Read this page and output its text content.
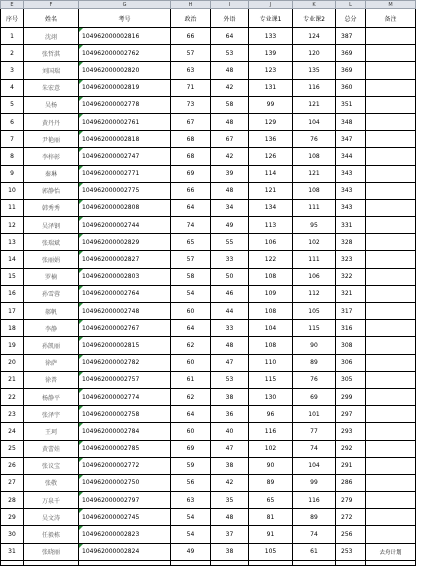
E	F	G	H	I	J	K	L	M
序号	姓名	考号	政治	外语	专业课1	专业课2	总分	备注
1	沈翊	104962000002816	66	64	133	124	387	
2	张哲淇	104962000002762	57	53	139	120	369	
3	刘国瑞	104962000002820	63	48	123	135	369	
4	朱宏意	104962000002819	71	42	131	116	360	
5	吴杨	104962000002778	73	58	99	121	351	
6	黄丹丹	104962000002761	67	48	129	104	348	
7	尹艳丽	104962000002818	68	67	136	76	347	
8	李梓彰	104962000002747	68	42	126	108	344	
9	秦琳	104962000002771	69	39	114	121	343	
10	郭静怡	104962000002775	66	48	121	108	343	
11	韩秀秀	104962000002808	64	34	134	111	343	
12	吴泽钢	104962000002744	74	49	113	95	331	
13	张瑞斌	104962000002829	65	55	106	102	328	
14	张丽娟	104962000002827	57	33	122	111	323	
15	罗楠	104962000002803	58	50	108	106	322	
16	孙雪蓉	104962000002764	54	46	109	112	321	
17	郝帆	104962000002748	60	44	108	105	317	
18	李静	104962000002767	64	33	104	115	316	
19	孙凯丽	104962000002815	62	48	108	90	308	
20	徐萨	104962000002782	60	47	110	89	306	
21	徐普	104962000002757	61	53	115	76	305	
22	杨静平	104962000002774	62	38	130	69	299	
23	张泽宇	104962000002758	64	36	96	101	297	
24	王珂	104962000002784	60	40	116	77	293	
25	黄蕾娃	104962000002785	69	47	102	74	292	
26	张议宝	104962000002772	59	38	90	104	291	
27	张敬	104962000002750	56	42	89	99	286	
28	万泉千	104962000002797	63	35	65	116	279	
29	吴文涛	104962000002745	54	48	81	89	272	
30	任毅栋	104962000002823	54	37	91	74	256	
31	张晓丽	104962000002824	49	38	105	61	253	去舟计划
